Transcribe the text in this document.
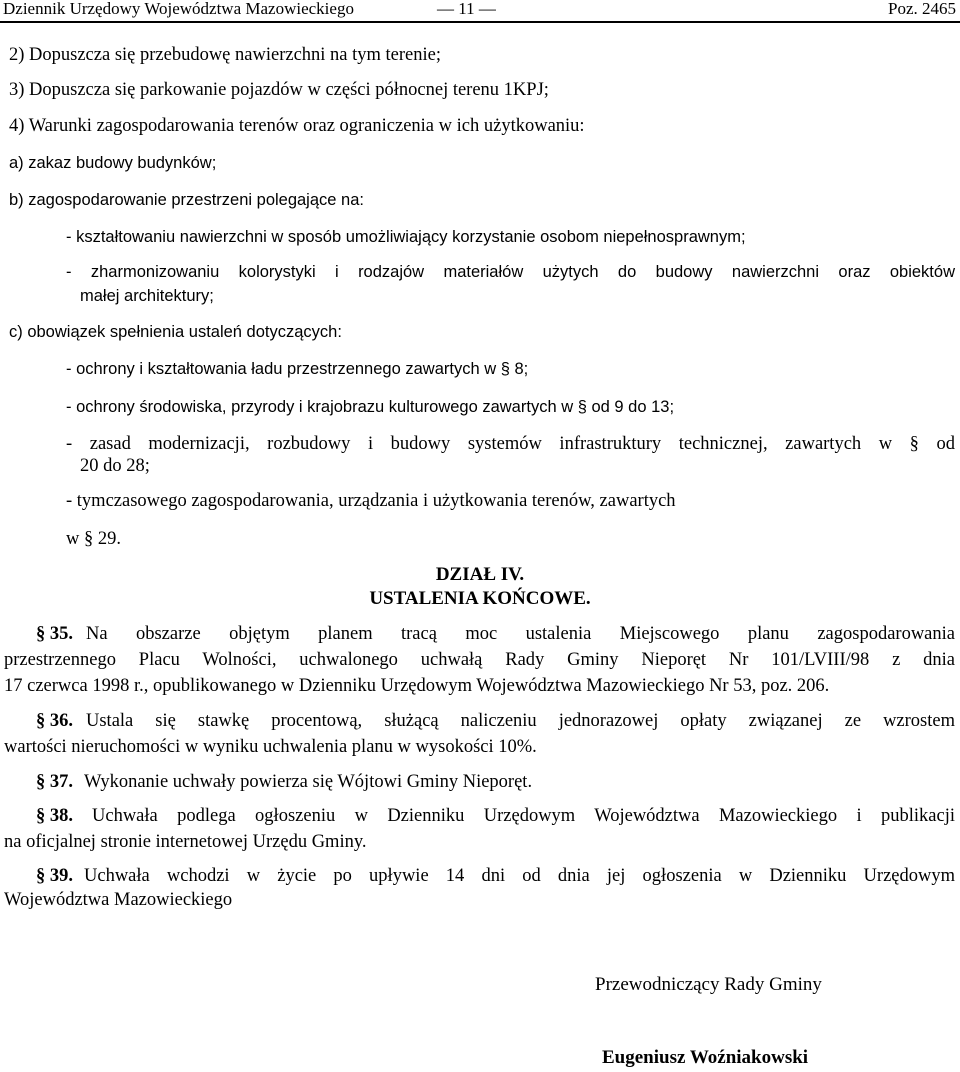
Dziennik Urzędowy Województwa Mazowieckiego	— 11 —	Poz. 2465
2) Dopuszcza się przebudowę nawierzchni na tym terenie;
3) Dopuszcza się parkowanie pojazdów w części północnej terenu 1KPJ;
4) Warunki zagospodarowania terenów oraz ograniczenia w ich użytkowaniu:
a) zakaz budowy budynków;
b) zagospodarowanie przestrzeni polegające na:
- kształtowaniu nawierzchni w sposób umożliwiający korzystanie osobom niepełnosprawnym;
- zharmonizowaniu kolorystyki i rodzajów materiałów użytych do budowy nawierzchni oraz obiektów
małej architektury;
c) obowiązek spełnienia ustaleń dotyczących:
- ochrony i kształtowania ładu przestrzennego zawartych w § 8;
- ochrony środowiska, przyrody i krajobrazu kulturowego zawartych w § od 9 do 13;
- zasad modernizacji, rozbudowy i budowy systemów infrastruktury technicznej, zawartych w § od
20 do 28;
- tymczasowego zagospodarowania, urządzania i użytkowania terenów, zawartych
w § 29.
DZIAŁ IV.
USTALENIA KOŃCOWE.
§ 35. Na obszarze objętym planem tracą moc ustalenia Miejscowego planu zagospodarowania
przestrzennego Placu Wolności, uchwalonego uchwałą Rady Gminy Nieporęt Nr 101/LVIII/98 z dnia
17 czerwca 1998 r., opublikowanego w Dzienniku Urzędowym Województwa Mazowieckiego Nr 53, poz. 206.
§ 36. Ustala się stawkę procentową, służącą naliczeniu jednorazowej opłaty związanej ze wzrostem
wartości nieruchomości w wyniku uchwalenia planu w wysokości 10%.
§ 37. Wykonanie uchwały powierza się Wójtowi Gminy Nieporęt.
§ 38. Uchwała podlega ogłoszeniu w Dzienniku Urzędowym Województwa Mazowieckiego i publikacji
na oficjalnej stronie internetowej Urzędu Gminy.
§ 39. Uchwała wchodzi w życie po upływie 14 dni od dnia jej ogłoszenia w Dzienniku Urzędowym
Województwa Mazowieckiego
Przewodniczący Rady Gminy
Eugeniusz Woźniakowski
